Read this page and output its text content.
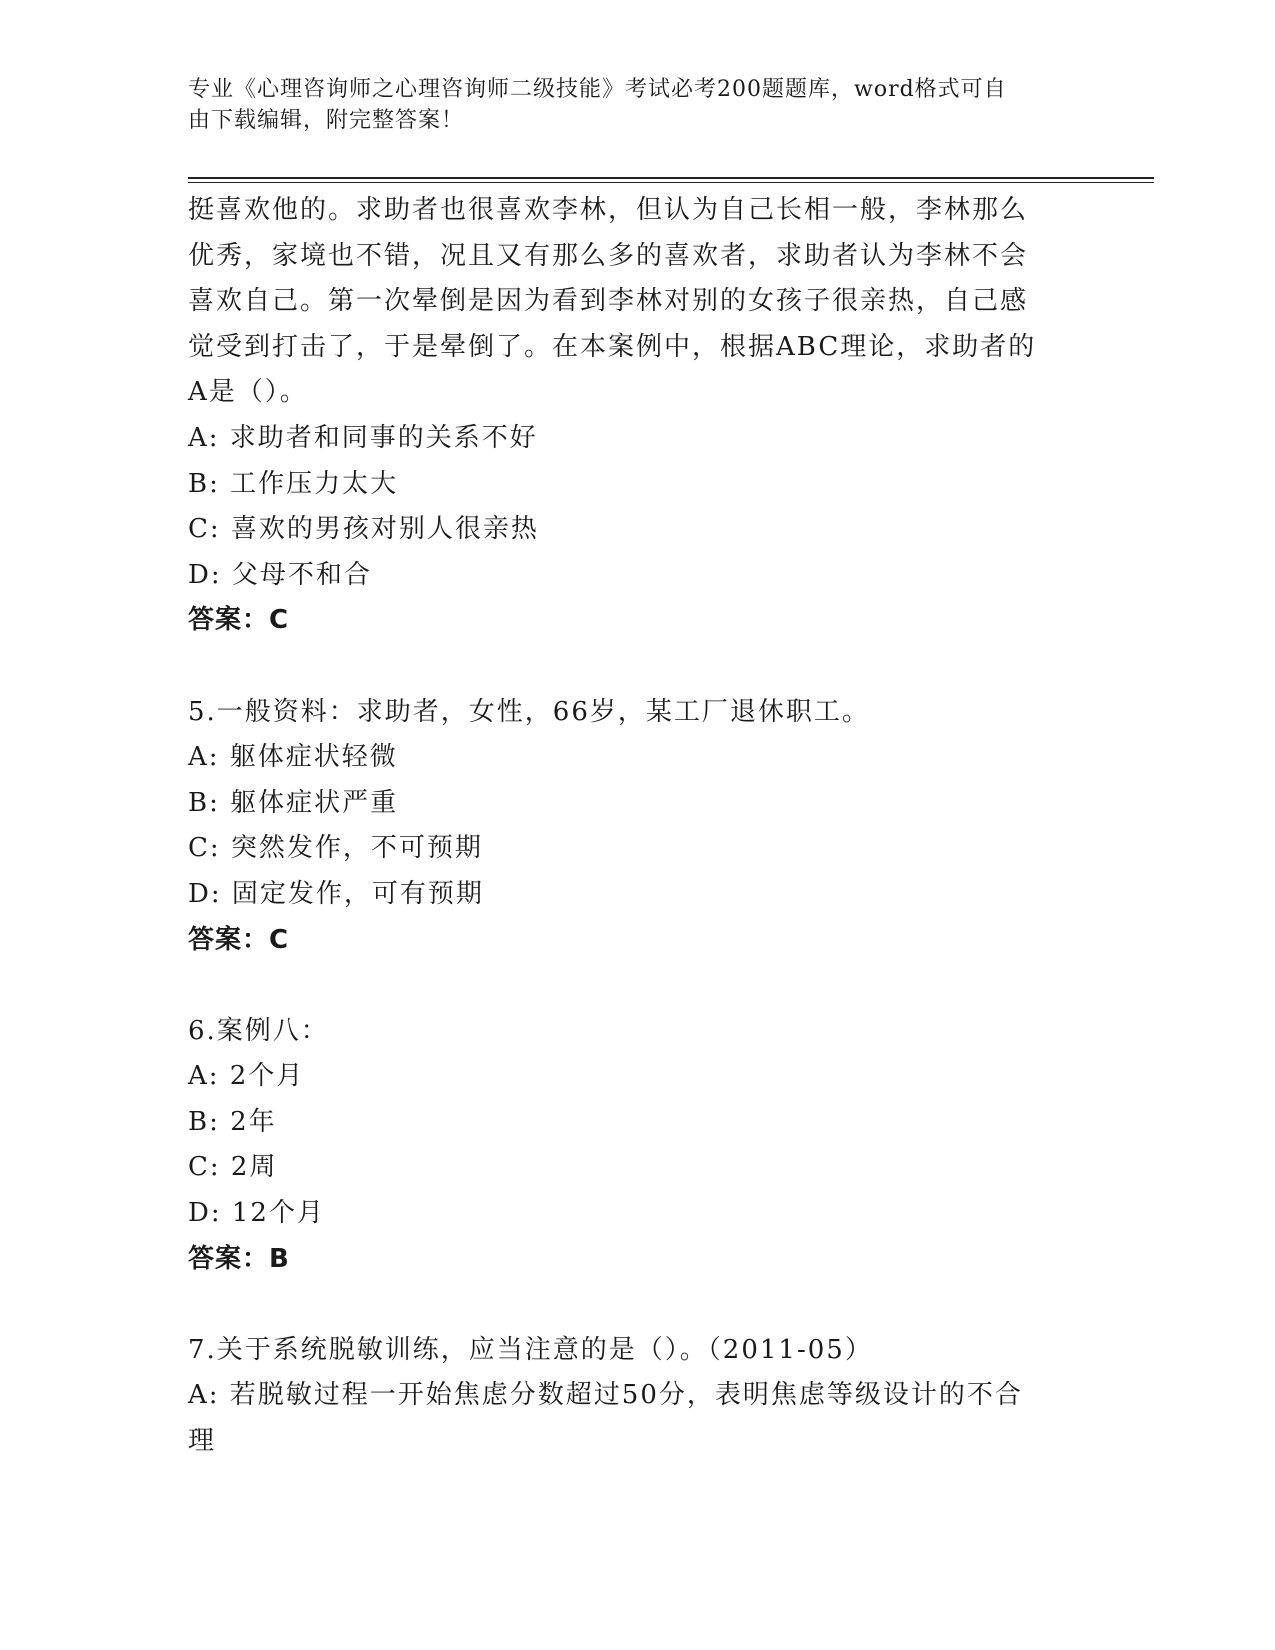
专业《心理咨询师之心理咨询师二级技能》考试必考200题题库，word格式可自
由下载编辑，附完整答案！
挺喜欢他的。求助者也很喜欢李林，但认为自己长相一般，李林那么
优秀，家境也不错，况且又有那么多的喜欢者，求助者认为李林不会
喜欢自己。第一次晕倒是因为看到李林对别的女孩子很亲热，自己感
觉受到打击了，于是晕倒了。在本案例中，根据ABC理论，求助者的
A是（）。
A: 求助者和同事的关系不好
B: 工作压力太大
C: 喜欢的男孩对别人很亲热
D: 父母不和合
答案：C
5.一般资料：求助者，女性，66岁，某工厂退休职工。
A: 躯体症状轻微
B: 躯体症状严重
C: 突然发作，不可预期
D: 固定发作，可有预期
答案：C
6.案例八：
A: 2个月
B: 2年
C: 2周
D: 12个月
答案：B
7.关于系统脱敏训练，应当注意的是（）。（2011-05）
A: 若脱敏过程一开始焦虑分数超过50分，表明焦虑等级设计的不合
理
